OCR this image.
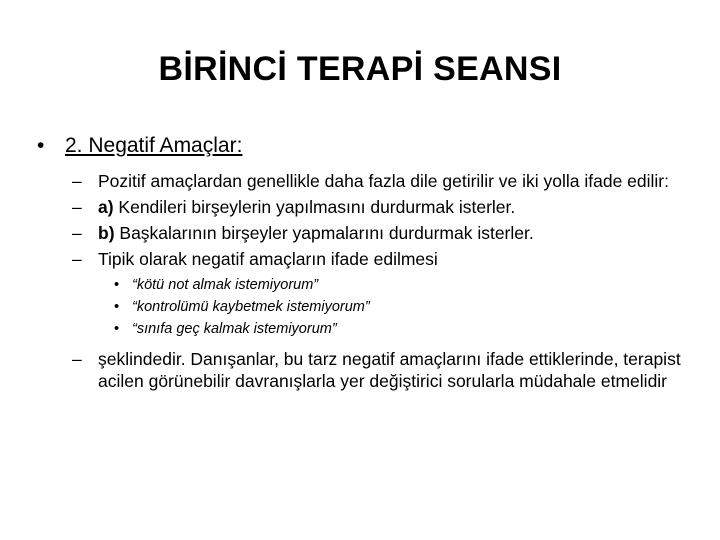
BİRİNCİ TERAPİ SEANSI
• 2. Negatif Amaçlar:
– Pozitif amaçlardan genellikle daha fazla dile getirilir ve iki yolla ifade edilir:
– a) Kendileri birşeylerin yapılmasını durdurmak isterler.
– b) Başkalarının birşeyler yapmalarını durdurmak isterler.
– Tipik olarak negatif amaçların ifade edilmesi
• “kötü not almak istemiyorum”
• “kontrolümü kaybetmek istemiyorum”
• “sınıfa geç kalmak istemiyorum”
– şeklindedir. Danışanlar, bu tarz negatif amaçlarını ifade ettiklerinde, terapist acilen görünebilir davranışlarla yer değiştirici sorularla müdahale etmelidir
